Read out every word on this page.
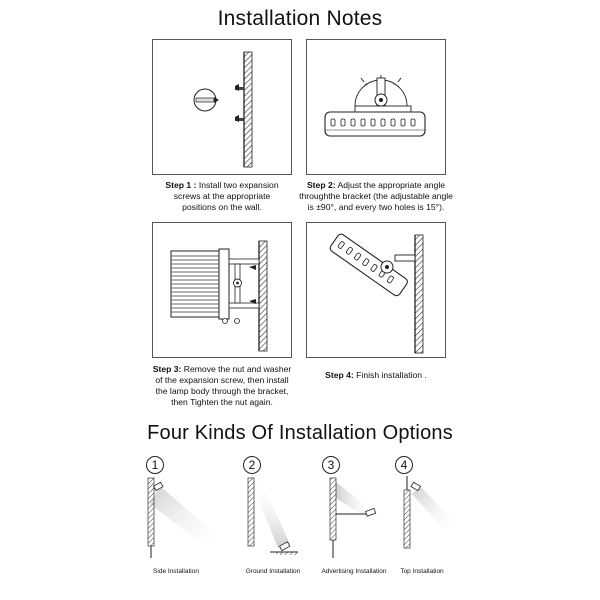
Installation Notes
+	−
Step 1 : Install two expansion
screws at the appropriate
positions on the wall.
Step 2: Adjust the appropriate angle
throughthe bracket (the adjustable angle
is ±90°, and every two holes is 15°).
Step 3: Remove the nut and washer
of the expansion screw, then install
the lamp body through the bracket,
then Tighten the nut again.
Step 4: Finish installation .
Four Kinds Of Installation Options
1	2	3	4
Side Installation	Ground Installation	Advertising Installation	Top Installation
